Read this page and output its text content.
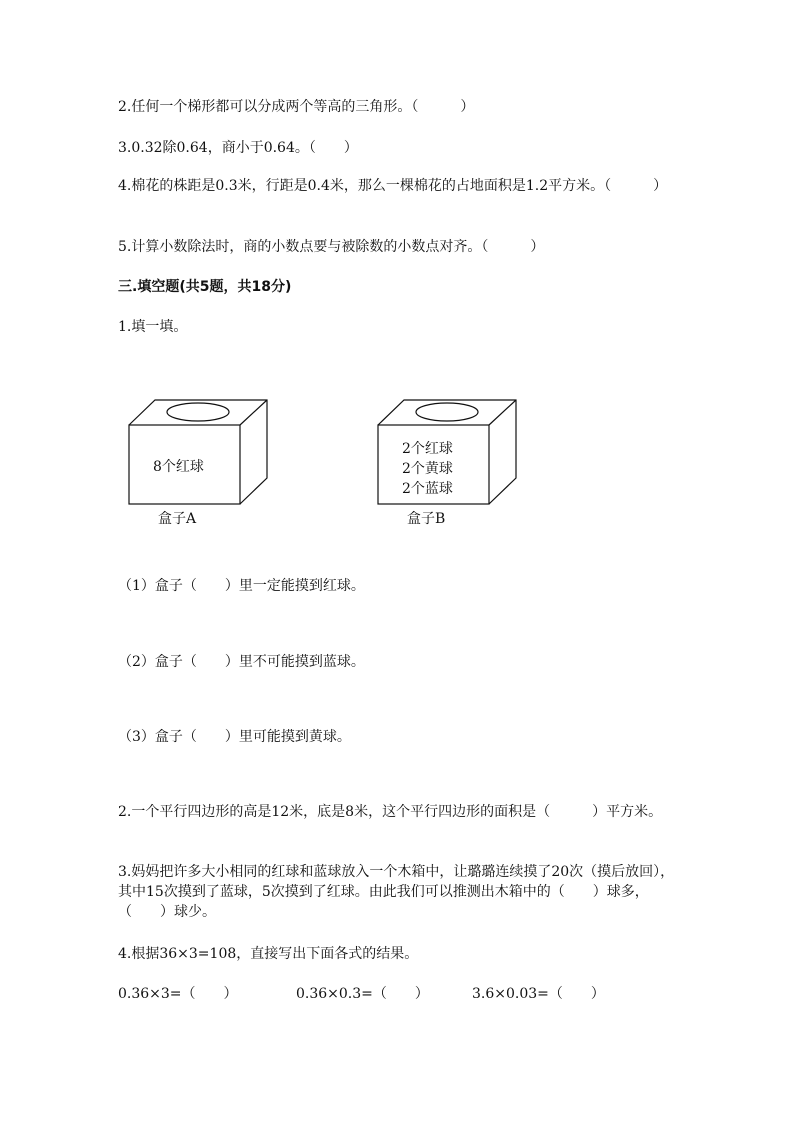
2.任何一个梯形都可以分成两个等高的三角形。（　　　）
3.0.32除0.64，商小于0.64。（　　）
4.棉花的株距是0.3米，行距是0.4米，那么一棵棉花的占地面积是1.2平方米。（　　　）
5.计算小数除法时，商的小数点要与被除数的小数点对齐。（　　　）
三.填空题(共5题，共18分)
1.填一填。
8个红球
盒子A
2个红球
2个黄球
2个蓝球
盒子B
（1）盒子（　　）里一定能摸到红球。
（2）盒子（　　）里不可能摸到蓝球。
（3）盒子（　　）里可能摸到黄球。
2.一个平行四边形的高是12米，底是8米，这个平行四边形的面积是（　　　）平方米。
3.妈妈把许多大小相同的红球和蓝球放入一个木箱中，让璐璐连续摸了20次（摸后放回），其中15次摸到了蓝球，5次摸到了红球。由此我们可以推测出木箱中的（　　）球多，（　　）球少。
4.根据36×3=108，直接写出下面各式的结果。
0.36×3=（　　）	0.36×0.3=（　　）	3.6×0.03=（　　）
